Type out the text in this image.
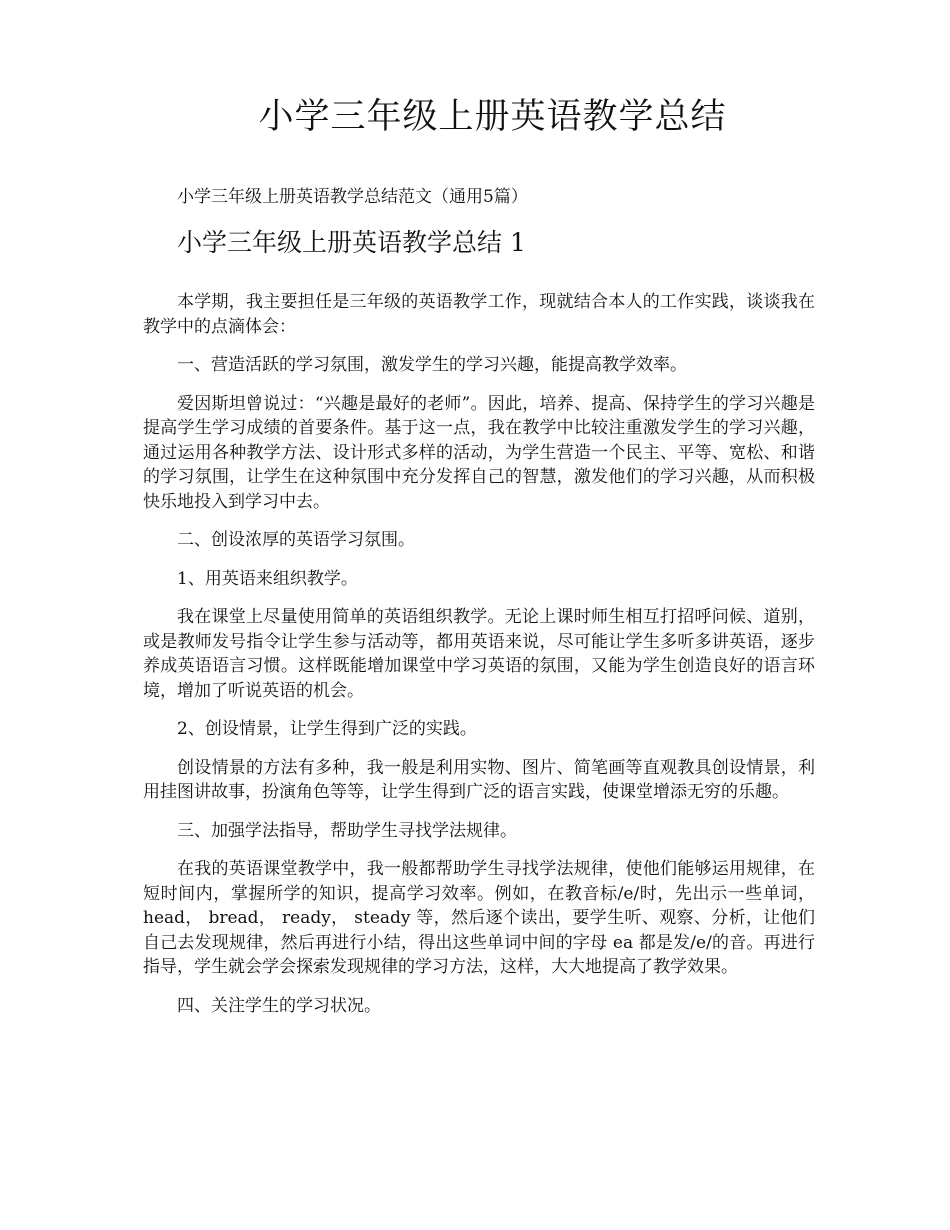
小学三年级上册英语教学总结

小学三年级上册英语教学总结范文（通用5篇）

小学三年级上册英语教学总结 1

本学期，我主要担任是三年级的英语教学工作，现就结合本人的工作实践，谈谈我在教学中的点滴体会：

一、营造活跃的学习氛围，激发学生的学习兴趣，能提高教学效率。

爱因斯坦曾说过：“兴趣是最好的老师”。因此，培养、提高、保持学生的学习兴趣是提高学生学习成绩的首要条件。基于这一点，我在教学中比较注重激发学生的学习兴趣，通过运用各种教学方法、设计形式多样的活动，为学生营造一个民主、平等、宽松、和谐的学习氛围，让学生在这种氛围中充分发挥自己的智慧，激发他们的学习兴趣，从而积极快乐地投入到学习中去。

二、创设浓厚的英语学习氛围。

1、用英语来组织教学。

我在课堂上尽量使用简单的英语组织教学。无论上课时师生相互打招呼问候、道别，或是教师发号指令让学生参与活动等，都用英语来说，尽可能让学生多听多讲英语，逐步养成英语语言习惯。这样既能增加课堂中学习英语的氛围，又能为学生创造良好的语言环境，增加了听说英语的机会。

2、创设情景，让学生得到广泛的实践。

创设情景的方法有多种，我一般是利用实物、图片、简笔画等直观教具创设情景，利用挂图讲故事，扮演角色等等，让学生得到广泛的语言实践，使课堂增添无穷的乐趣。

三、加强学法指导，帮助学生寻找学法规律。

在我的英语课堂教学中，我一般都帮助学生寻找学法规律，使他们能够运用规律，在短时间内，掌握所学的知识，提高学习效率。例如，在教音标/e/时，先出示一些单词，head， bread， ready， steady 等，然后逐个读出，要学生听、观察、分析，让他们自己去发现规律，然后再进行小结，得出这些单词中间的字母 ea 都是发/e/的音。再进行指导，学生就会学会探索发现规律的学习方法，这样，大大地提高了教学效果。

四、关注学生的学习状况。
